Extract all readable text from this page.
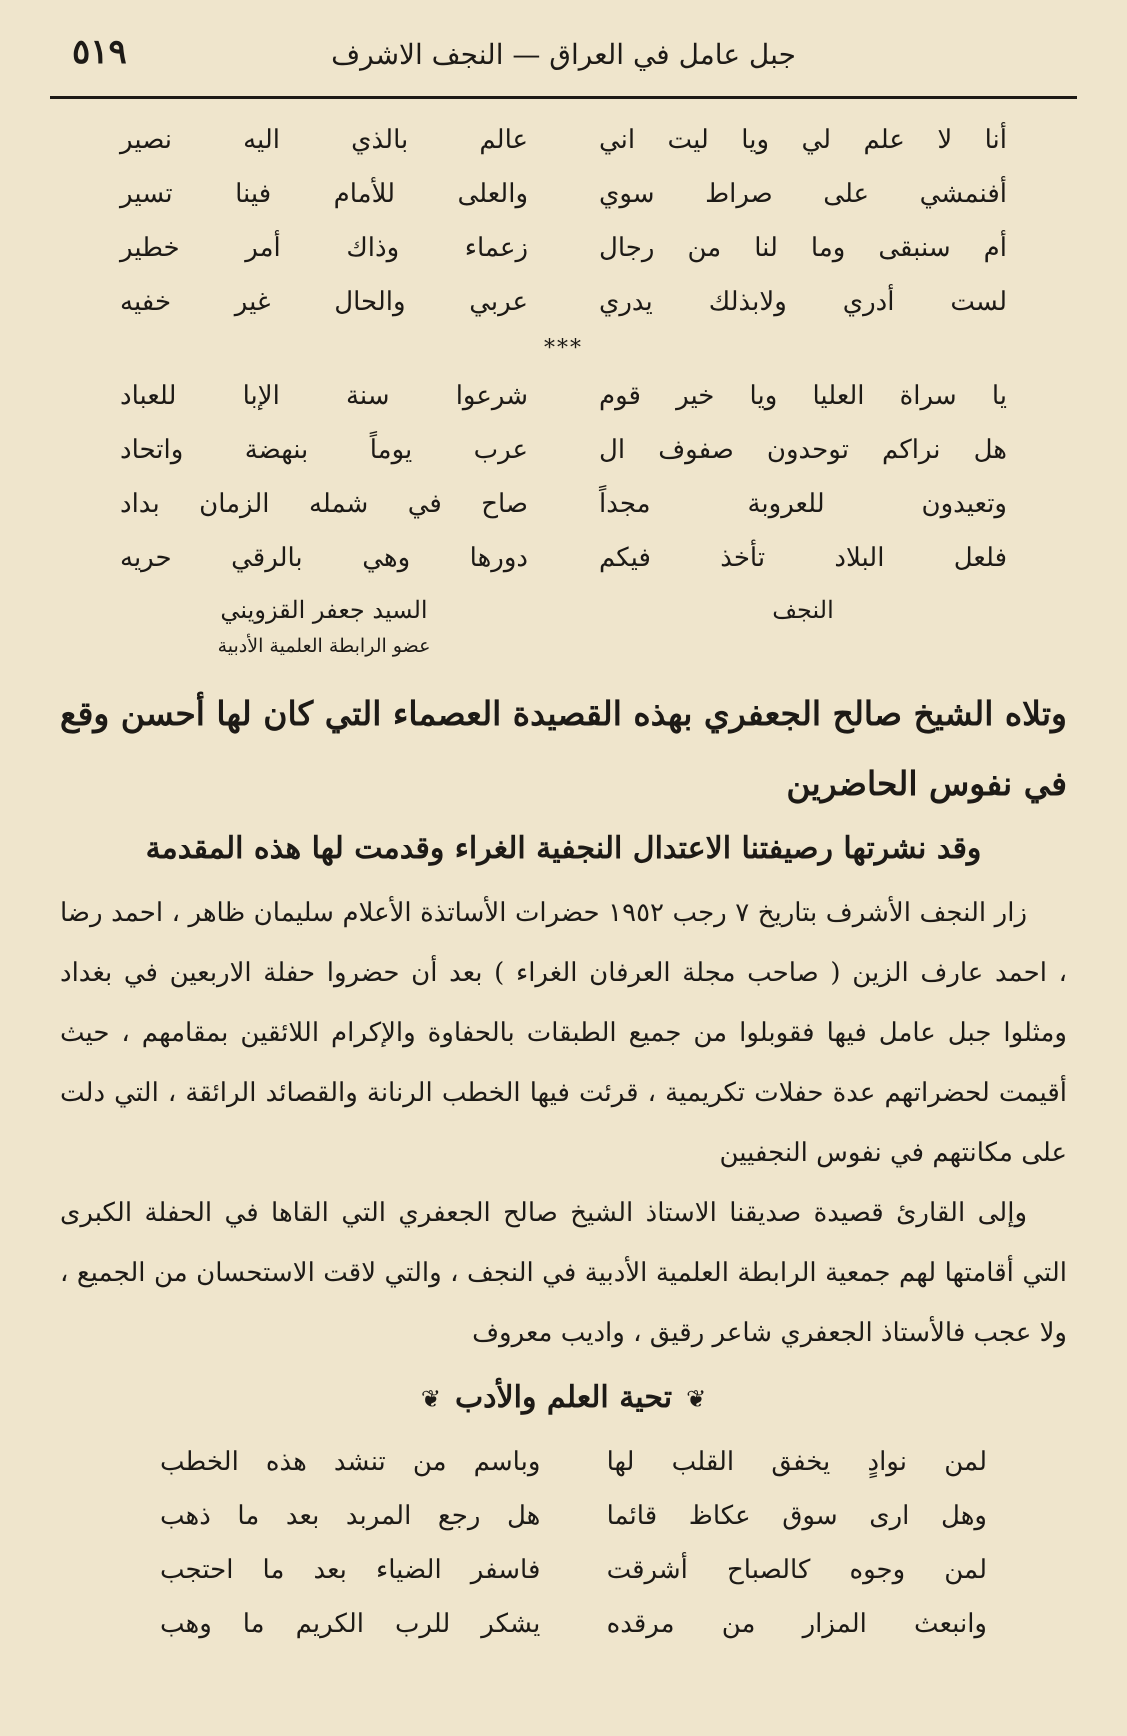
جبل عامل في العراق — النجف الاشرف
٥١٩
أنا لا علم لي ويا ليت اني
عالم بالذي اليه نصير
أفنمشي على صراط سوي
والعلى للأمام فينا تسير
أم سنبقى وما لنا من رجال
زعماء وذاك أمر خطير
لست أدري ولابذلك يدري
عربي والحال غير خفيه
***
يا سراة العليا ويا خير قوم
شرعوا سنة الإبا للعباد
هل نراكم توحدون صفوف ال
عرب يوماً بنهضة واتحاد
وتعيدون للعروبة مجداً
صاح في شمله الزمان بداد
فلعل البلاد تأخذ فيكم
دورها وهي بالرقي حريه
النجف
السيد جعفر القزويني
عضو الرابطة العلمية الأدبية
وتلاه الشيخ صالح الجعفري بهذه القصيدة العصماء التي كان لها أحسن وقع في نفوس الحاضرين
وقد نشرتها رصيفتنا الاعتدال النجفية الغراء وقدمت لها هذه المقدمة
زار النجف الأشرف بتاريخ ٧ رجب ١٩٥٢ حضرات الأساتذة الأعلام سليمان ظاهر ، احمد رضا ، احمد عارف الزين ( صاحب مجلة العرفان الغراء ) بعد أن حضروا حفلة الاربعين في بغداد ومثلوا جبل عامل فيها فقوبلوا من جميع الطبقات بالحفاوة والإكرام اللائقين بمقامهم ، حيث أقيمت لحضراتهم عدة حفلات تكريمية ، قرئت فيها الخطب الرنانة والقصائد الرائقة ، التي دلت على مكانتهم في نفوس النجفيين
وإلى القارئ قصيدة صديقنا الاستاذ الشيخ صالح الجعفري التي القاها في الحفلة الكبرى التي أقامتها لهم جمعية الرابطة العلمية الأدبية في النجف ، والتي لاقت الاستحسان من الجميع ، ولا عجب فالأستاذ الجعفري شاعر رقيق ، واديب معروف
❦تحية العلم والأدب❦
لمن نوادٍ يخفق القلب لها
وباسم من تنشد هذه الخطب
وهل ارى سوق عكاظ قائما
هل رجع المربد بعد ما ذهب
لمن وجوه كالصباح أشرقت
فاسفر الضياء بعد ما احتجب
وانبعث المزار من مرقده
يشكر للرب الكريم ما وهب
